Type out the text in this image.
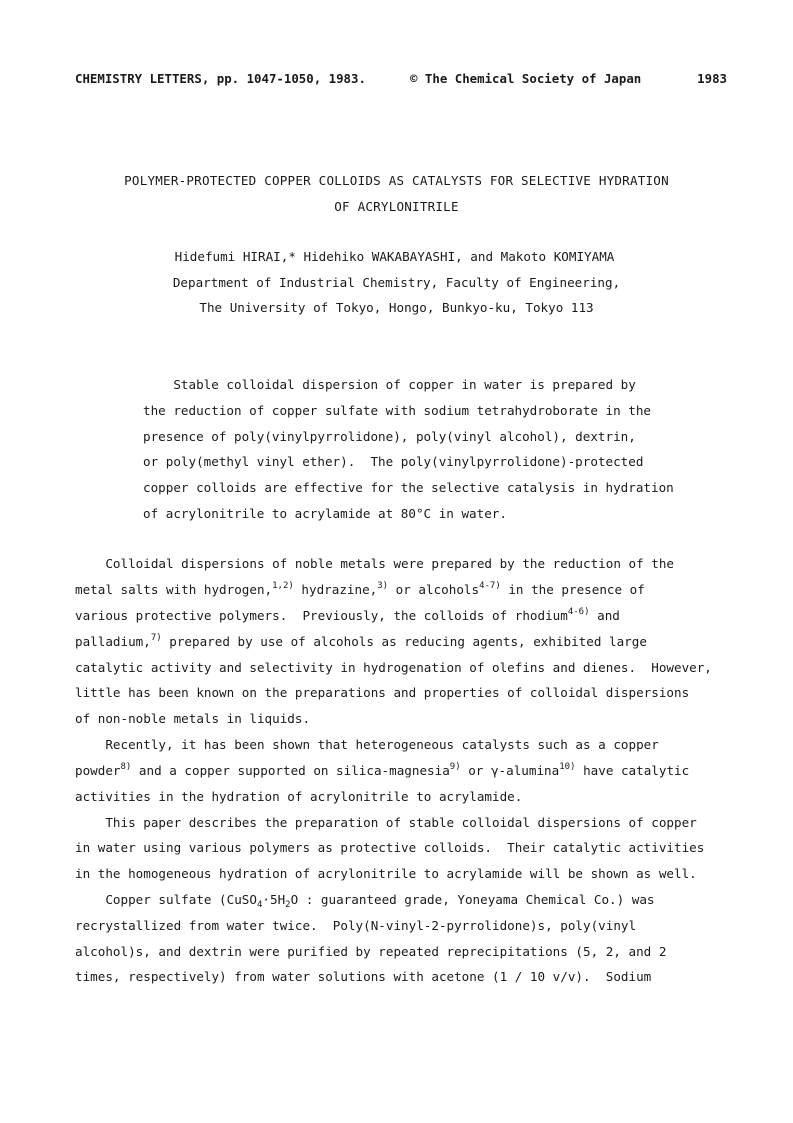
CHEMISTRY LETTERS, pp. 1047-1050, 1983.	© The Chemical Society of Japan	1983
POLYMER-PROTECTED COPPER COLLOIDS AS CATALYSTS FOR SELECTIVE HYDRATION
OF ACRYLONITRILE
Hidefumi HIRAI,* Hidehiko WAKABAYASHI, and Makoto KOMIYAMA
Department of Industrial Chemistry, Faculty of Engineering,
The University of Tokyo, Hongo, Bunkyo-ku, Tokyo 113
Stable colloidal dispersion of copper in water is prepared by
the reduction of copper sulfate with sodium tetrahydroborate in the
presence of poly(vinylpyrrolidone), poly(vinyl alcohol), dextrin,
or poly(methyl vinyl ether).  The poly(vinylpyrrolidone)-protected
copper colloids are effective for the selective catalysis in hydration
of acrylonitrile to acrylamide at 80°C in water.
Colloidal dispersions of noble metals were prepared by the reduction of the
metal salts with hydrogen,$^{1,2)}$ hydrazine,$^{3)}$ or alcohols$^{4-7)}$ in the presence of
various protective polymers.  Previously, the colloids of rhodium$^{4-6)}$ and
palladium,$^{7)}$ prepared by use of alcohols as reducing agents, exhibited large
catalytic activity and selectivity in hydrogenation of olefins and dienes.  However,
little has been known on the preparations and properties of colloidal dispersions
of non-noble metals in liquids.
Recently, it has been shown that heterogeneous catalysts such as a copper
powder$^{8)}$ and a copper supported on silica-magnesia$^{9)}$ or γ-alumina$^{10)}$ have catalytic
activities in the hydration of acrylonitrile to acrylamide.
This paper describes the preparation of stable colloidal dispersions of copper
in water using various polymers as protective colloids.  Their catalytic activities
in the homogeneous hydration of acrylonitrile to acrylamide will be shown as well.
Copper sulfate ($CuSO_4\cdot 5H_2O$ : guaranteed grade, Yoneyama Chemical Co.) was
recrystallized from water twice.  Poly(N-vinyl-2-pyrrolidone)s, poly(vinyl
alcohol)s, and dextrin were purified by repeated reprecipitations (5, 2, and 2
times, respectively) from water solutions with acetone (1 / 10 v/v).  Sodium
